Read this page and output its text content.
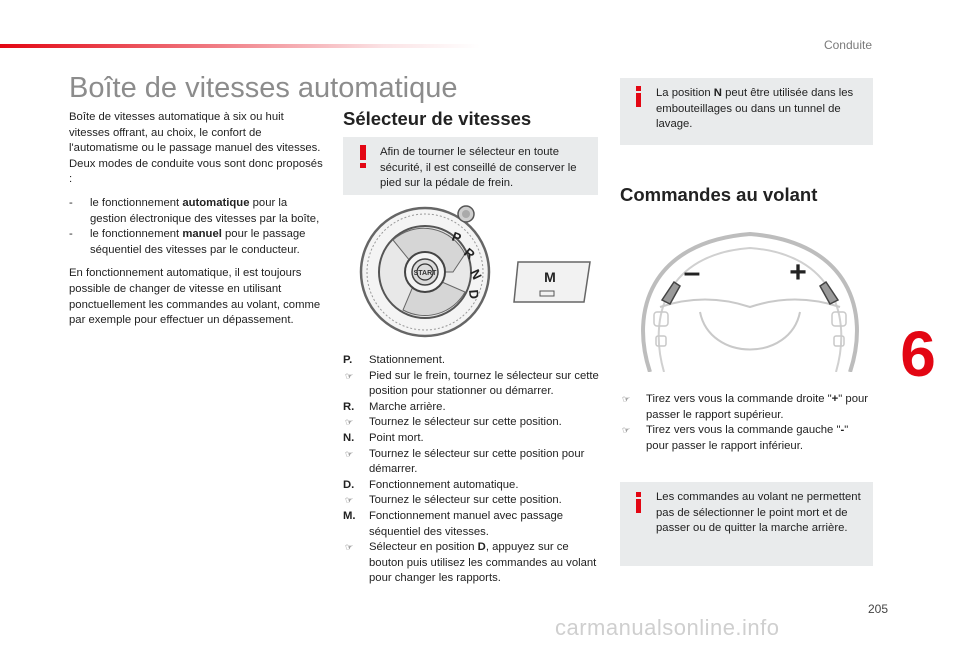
Conduite
Boîte de vitesses automatique
6

Boîte de vitesses automatique à six ou huit vitesses offrant, au choix, le confort de l'automatisme ou le passage manuel des vitesses.
Deux modes de conduite vous sont donc proposés :

- le fonctionnement automatique pour la gestion électronique des vitesses par la boîte,
- le fonctionnement manuel pour le passage séquentiel des vitesses par le conducteur.

En fonctionnement automatique, il est toujours possible de changer de vitesse en utilisant ponctuellement les commandes au volant, comme par exemple pour effectuer un dépassement.

Sélecteur de vitesses
Afin de tourner le sélecteur en toute sécurité, il est conseillé de conserver le pied sur la pédale de frein.
START
P
R
N
D
M
P. Stationnement.
☞ Pied sur le frein, tournez le sélecteur sur cette position pour stationner ou démarrer.
R. Marche arrière.
☞ Tournez le sélecteur sur cette position.
N. Point mort.
☞ Tournez le sélecteur sur cette position pour démarrer.
D. Fonctionnement automatique.
☞ Tournez le sélecteur sur cette position.
M. Fonctionnement manuel avec passage séquentiel des vitesses.
☞ Sélecteur en position D, appuyez sur ce bouton puis utilisez les commandes au volant pour changer les rapports.
La position N peut être utilisée dans les embouteillages ou dans un tunnel de lavage.
Commandes au volant
–	+
☞ Tirez vers vous la commande droite "+" pour passer le rapport supérieur.
☞ Tirez vers vous la commande gauche "-" pour passer le rapport inférieur.
Les commandes au volant ne permettent pas de sélectionner le point mort et de passer ou de quitter la marche arrière.
205
carmanualsonline.info
